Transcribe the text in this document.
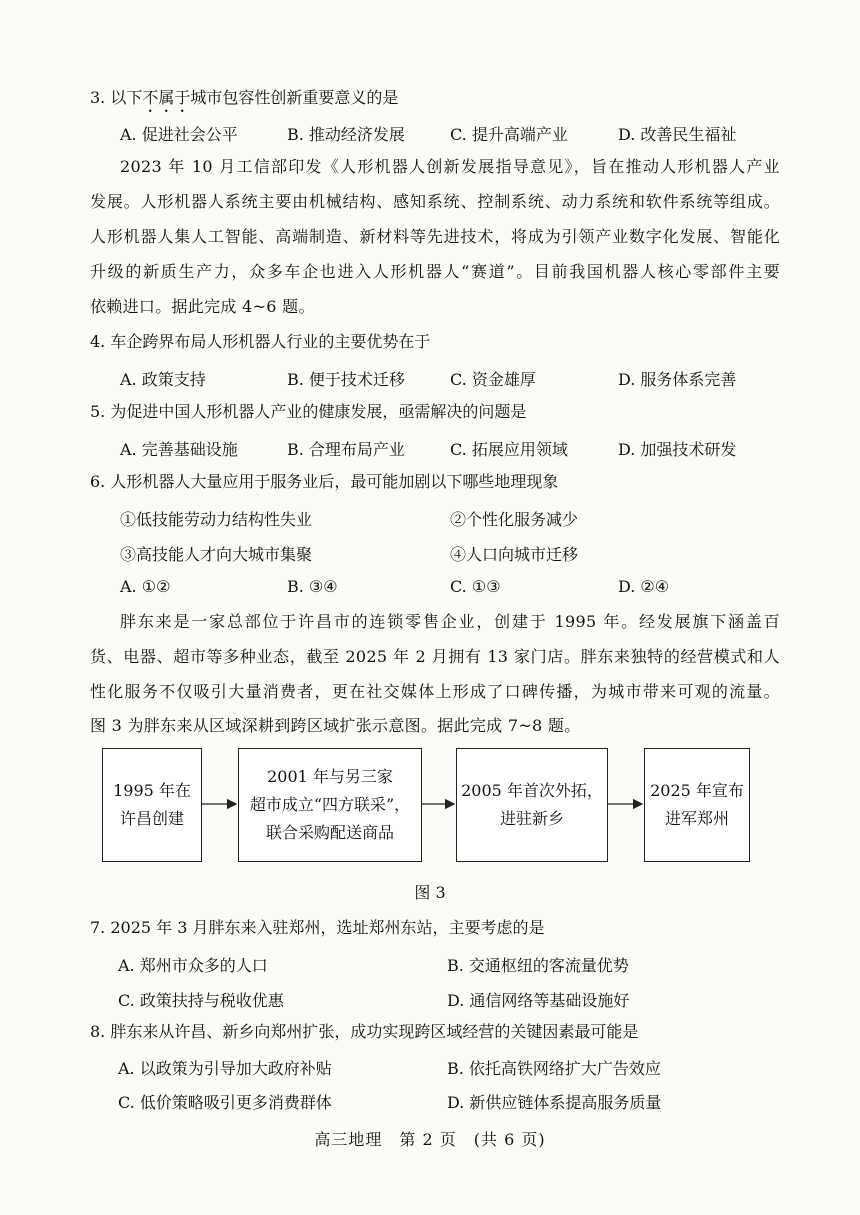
3. 以下不属于城市包容性创新重要意义的是
A. 促进社会公平	B. 推动经济发展	C. 提升高端产业	D. 改善民生福祉
2023 年 10 月工信部印发《人形机器人创新发展指导意见》，旨在推动人形机器人产业
发展。人形机器人系统主要由机械结构、感知系统、控制系统、动力系统和软件系统等组成。
人形机器人集人工智能、高端制造、新材料等先进技术，将成为引领产业数字化发展、智能化
升级的新质生产力，众多车企也进入人形机器人“赛道”。目前我国机器人核心零部件主要
依赖进口。据此完成 4~6 题。
4. 车企跨界布局人形机器人行业的主要优势在于
A. 政策支持	B. 便于技术迁移	C. 资金雄厚	D. 服务体系完善
5. 为促进中国人形机器人产业的健康发展，亟需解决的问题是
A. 完善基础设施	B. 合理布局产业	C. 拓展应用领域	D. 加强技术研发
6. 人形机器人大量应用于服务业后，最可能加剧以下哪些地理现象
①低技能劳动力结构性失业	②个性化服务减少
③高技能人才向大城市集聚	④人口向城市迁移
A. ①②	B. ③④	C. ①③	D. ②④
胖东来是一家总部位于许昌市的连锁零售企业，创建于 1995 年。经发展旗下涵盖百
货、电器、超市等多种业态，截至 2025 年 2 月拥有 13 家门店。胖东来独特的经营模式和人
性化服务不仅吸引大量消费者，更在社交媒体上形成了口碑传播，为城市带来可观的流量。
图 3 为胖东来从区域深耕到跨区域扩张示意图。据此完成 7~8 题。
1995 年在
许昌创建
2001 年与另三家
超市成立“四方联采”，
联合采购配送商品
2005 年首次外拓，
进驻新乡
2025 年宣布
进军郑州
图 3
7. 2025 年 3 月胖东来入驻郑州，选址郑州东站，主要考虑的是
A. 郑州市众多的人口	B. 交通枢纽的客流量优势
C. 政策扶持与税收优惠	D. 通信网络等基础设施好
8. 胖东来从许昌、新乡向郑州扩张，成功实现跨区域经营的关键因素最可能是
A. 以政策为引导加大政府补贴	B. 依托高铁网络扩大广告效应
C. 低价策略吸引更多消费群体	D. 新供应链体系提高服务质量
高三地理　第 2 页　(共 6 页)
